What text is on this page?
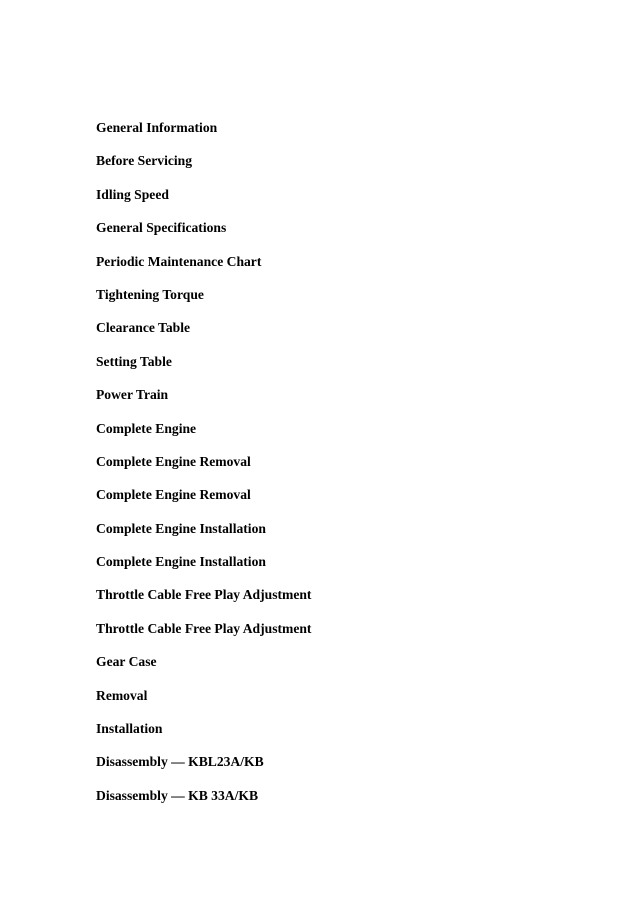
General Information
Before Servicing
Idling Speed
General Specifications
Periodic Maintenance Chart
Tightening Torque
Clearance Table
Setting Table
Power Train
Complete Engine
Complete Engine Removal
Complete Engine Removal
Complete Engine Installation
Complete Engine Installation
Throttle Cable Free Play Adjustment
Throttle Cable Free Play Adjustment
Gear Case
Removal
Installation
Disassembly — KBL23A/KB
Disassembly — KB 33A/KB
